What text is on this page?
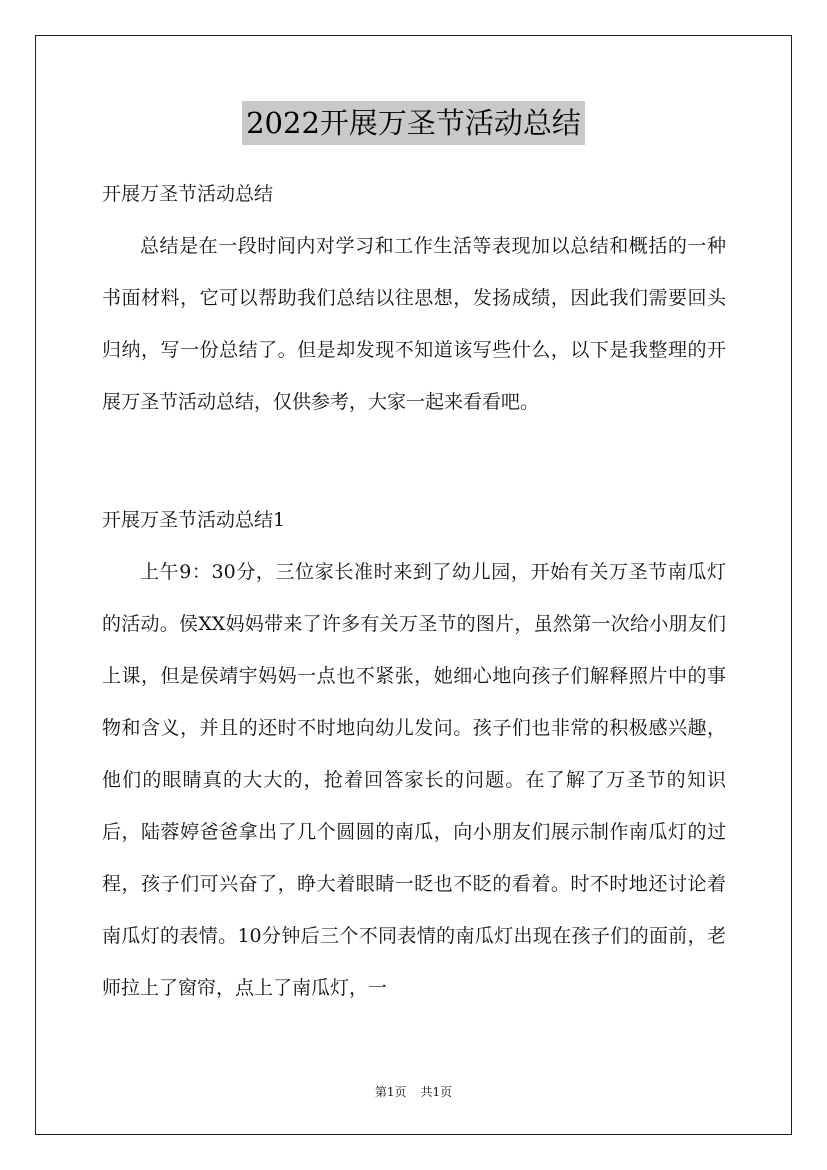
2022开展万圣节活动总结
开展万圣节活动总结
总结是在一段时间内对学习和工作生活等表现加以总结和概括的一种书面材料，它可以帮助我们总结以往思想，发扬成绩，因此我们需要回头归纳，写一份总结了。但是却发现不知道该写些什么，以下是我整理的开展万圣节活动总结，仅供参考，大家一起来看看吧。
开展万圣节活动总结1
上午9：30分，三位家长准时来到了幼儿园，开始有关万圣节南瓜灯的活动。侯XX妈妈带来了许多有关万圣节的图片，虽然第一次给小朋友们上课，但是侯靖宇妈妈一点也不紧张，她细心地向孩子们解释照片中的事物和含义，并且的还时不时地向幼儿发问。孩子们也非常的积极感兴趣，他们的眼睛真的大大的，抢着回答家长的问题。在了解了万圣节的知识后，陆蓉婷爸爸拿出了几个圆圆的南瓜，向小朋友们展示制作南瓜灯的过程，孩子们可兴奋了，睁大着眼睛一眨也不眨的看着。时不时地还讨论着南瓜灯的表情。10分钟后三个不同表情的南瓜灯出现在孩子们的面前，老师拉上了窗帘，点上了南瓜灯，一
第1页 共1页
